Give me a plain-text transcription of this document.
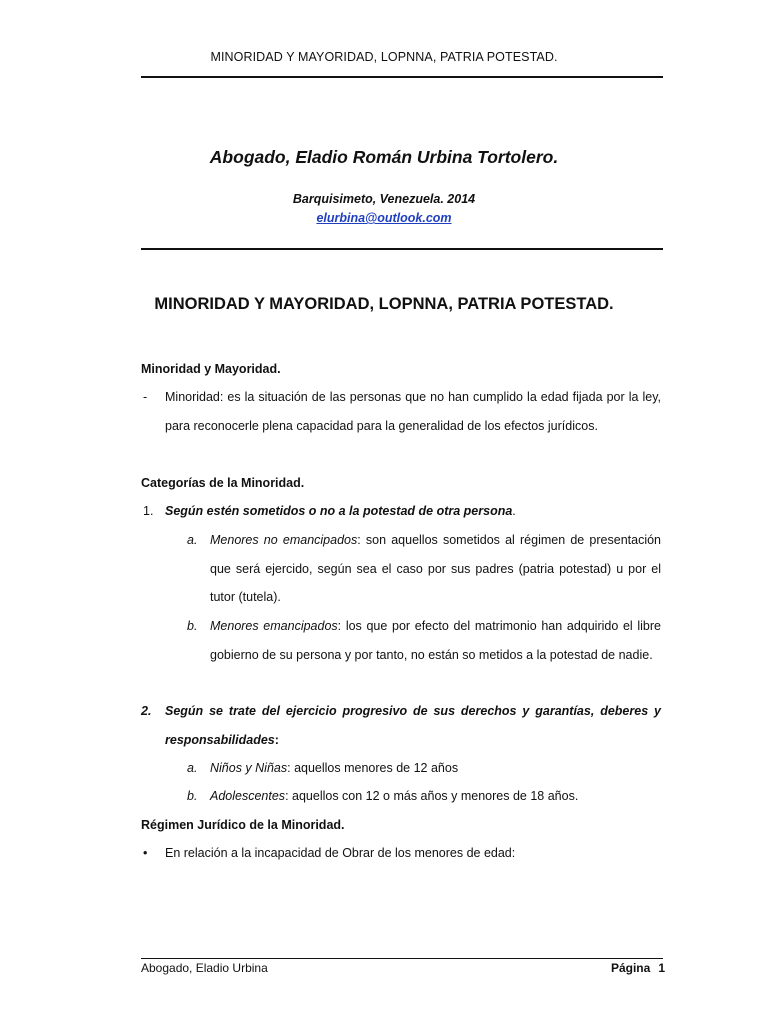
MINORIDAD Y MAYORIDAD, LOPNNA, PATRIA POTESTAD.
Abogado, Eladio Román Urbina Tortolero.
Barquisimeto, Venezuela. 2014
elurbina@outlook.com
MINORIDAD Y MAYORIDAD, LOPNNA, PATRIA POTESTAD.
Minoridad y Mayoridad.
- Minoridad: es la situación de las personas que no han cumplido la edad fijada por la ley, para reconocerle plena capacidad para la generalidad de los efectos jurídicos.
Categorías de la Minoridad.
1. Según estén sometidos o no a la potestad de otra persona.
a. Menores no emancipados: son aquellos sometidos al régimen de presentación que será ejercido, según sea el caso por sus padres (patria potestad) u por el tutor (tutela).
b. Menores emancipados: los que por efecto del matrimonio han adquirido el libre gobierno de su persona y por tanto, no están so metidos a la potestad de nadie.
2. Según se trate del ejercicio progresivo de sus derechos y garantías, deberes y responsabilidades:
a. Niños y Niñas: aquellos menores de 12 años
b. Adolescentes: aquellos con 12 o más años y menores de 18 años.
Régimen Jurídico de la Minoridad.
• En relación a la incapacidad de Obrar de los menores de edad:
Abogado, Eladio Urbina	Página 1
